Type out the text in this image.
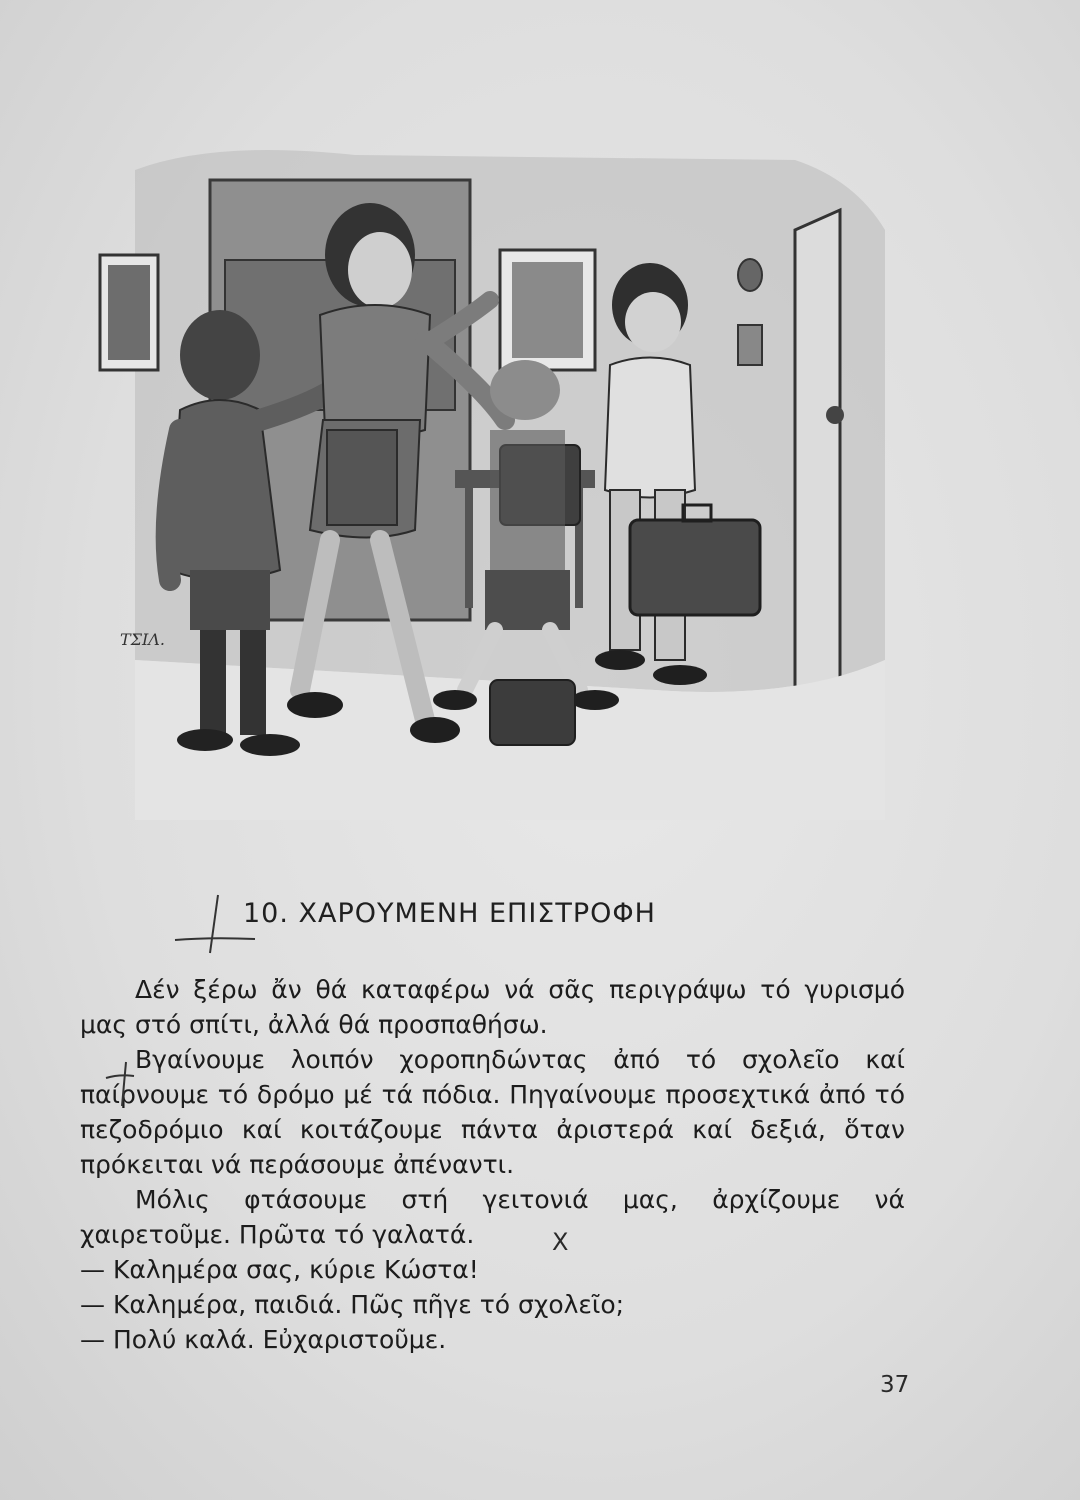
ΤΣΙΛ.
10. ΧΑΡΟΥΜΕΝΗ ΕΠΙΣΤΡΟΦΗ

Δέν ξέρω ἄν θά καταφέρω νά σᾶς περιγράψω τό γυρισμό μας στό σπίτι, ἀλλά θά προσπαθήσω.

Βγαίνουμε λοιπόν χοροπηδώντας ἀπό τό σχολεῖο καί παίρνουμε τό δρόμο μέ τά πόδια. Πηγαίνουμε προσεχτικά ἀπό τό πεζοδρόμιο καί κοιτάζουμε πάντα ἀριστερά καί δεξιά, ὅταν πρόκειται νά περάσουμε ἀπέναντι.

Μόλις φτάσουμε στή γειτονιά μας, ἀρχίζουμε νά χαιρετοῦμε. Πρῶτα τό γαλατά.

— Καλημέρα σας, κύριε Κώστα!

— Καλημέρα, παιδιά. Πῶς πῆγε τό σχολεῖο;

— Πολύ καλά. Εὐχαριστοῦμε.

X
37
